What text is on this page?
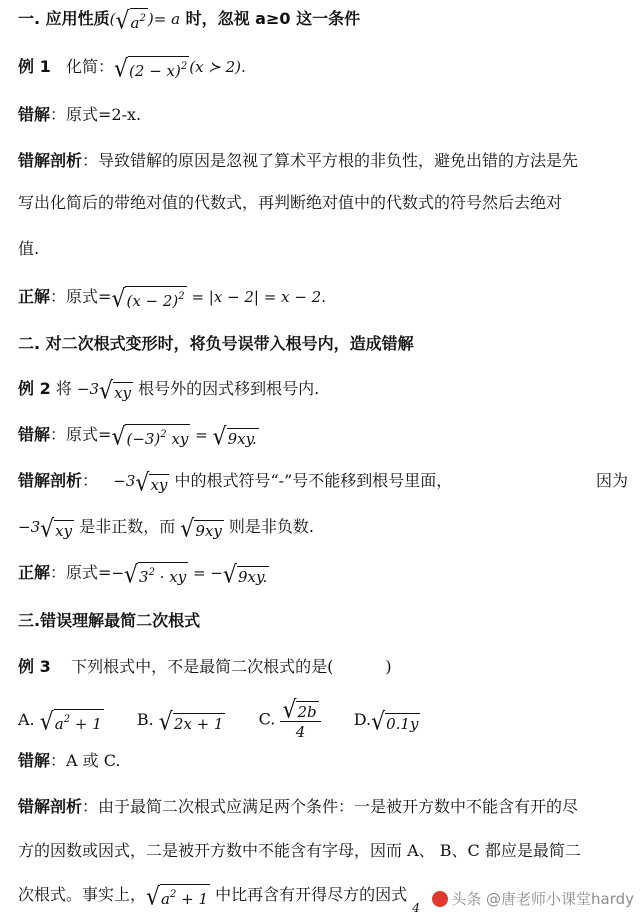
一. 应用性质( √ $a^2$ )= a 时，忽视 a≥0 这一条件
例 1 化简： √ $(2 - x)^2$ (x ≻ 2).
错解：原式=2-x.
错解剖析：导致错解的原因是忽视了算术平方根的非负性，避免出错的方法是先
写出化简后的带绝对值的代数式，再判断绝对值中的代数式的符号然后去绝对
值.
正解：原式= √ $(x - 2)^2 = |x - 2| = x - 2$.
二. 对二次根式变形时，将负号误带入根号内，造成错解
例 2 将 −3 √ xy 根号外的因式移到根号内.
错解：原式= √ $(-3)^2$ xy = √ 9xy.
错解剖析： −3 √ xy 中的根式符号“-”号不能移到根号里面，	因为
−3 √ xy 是非正数，而 √ 9xy 则是非负数.
正解：原式=− √ $3^2$ · xy = − √ 9xy.
三.错误理解最简二次根式
例 3 下列根式中，不是最简二次根式的是(	)
A. √ $a^2 + 1$ B. √ 2x + 1 C. $\frac{√ 2b}{4} D$. √ 0.1y
错解：A 或 C.
错解剖析：由于最简二次根式应满足两个条件：一是被开方数中不能含有开的尽
方的因数或因式，二是被开方数中不能含有字母，因而 A、 B、C 都应是最简二
次根式。事实上， √ $a^2 + 1$ 中比再含有开得尽方的因式 $_4$	头条 @唐老师小课堂hardy
